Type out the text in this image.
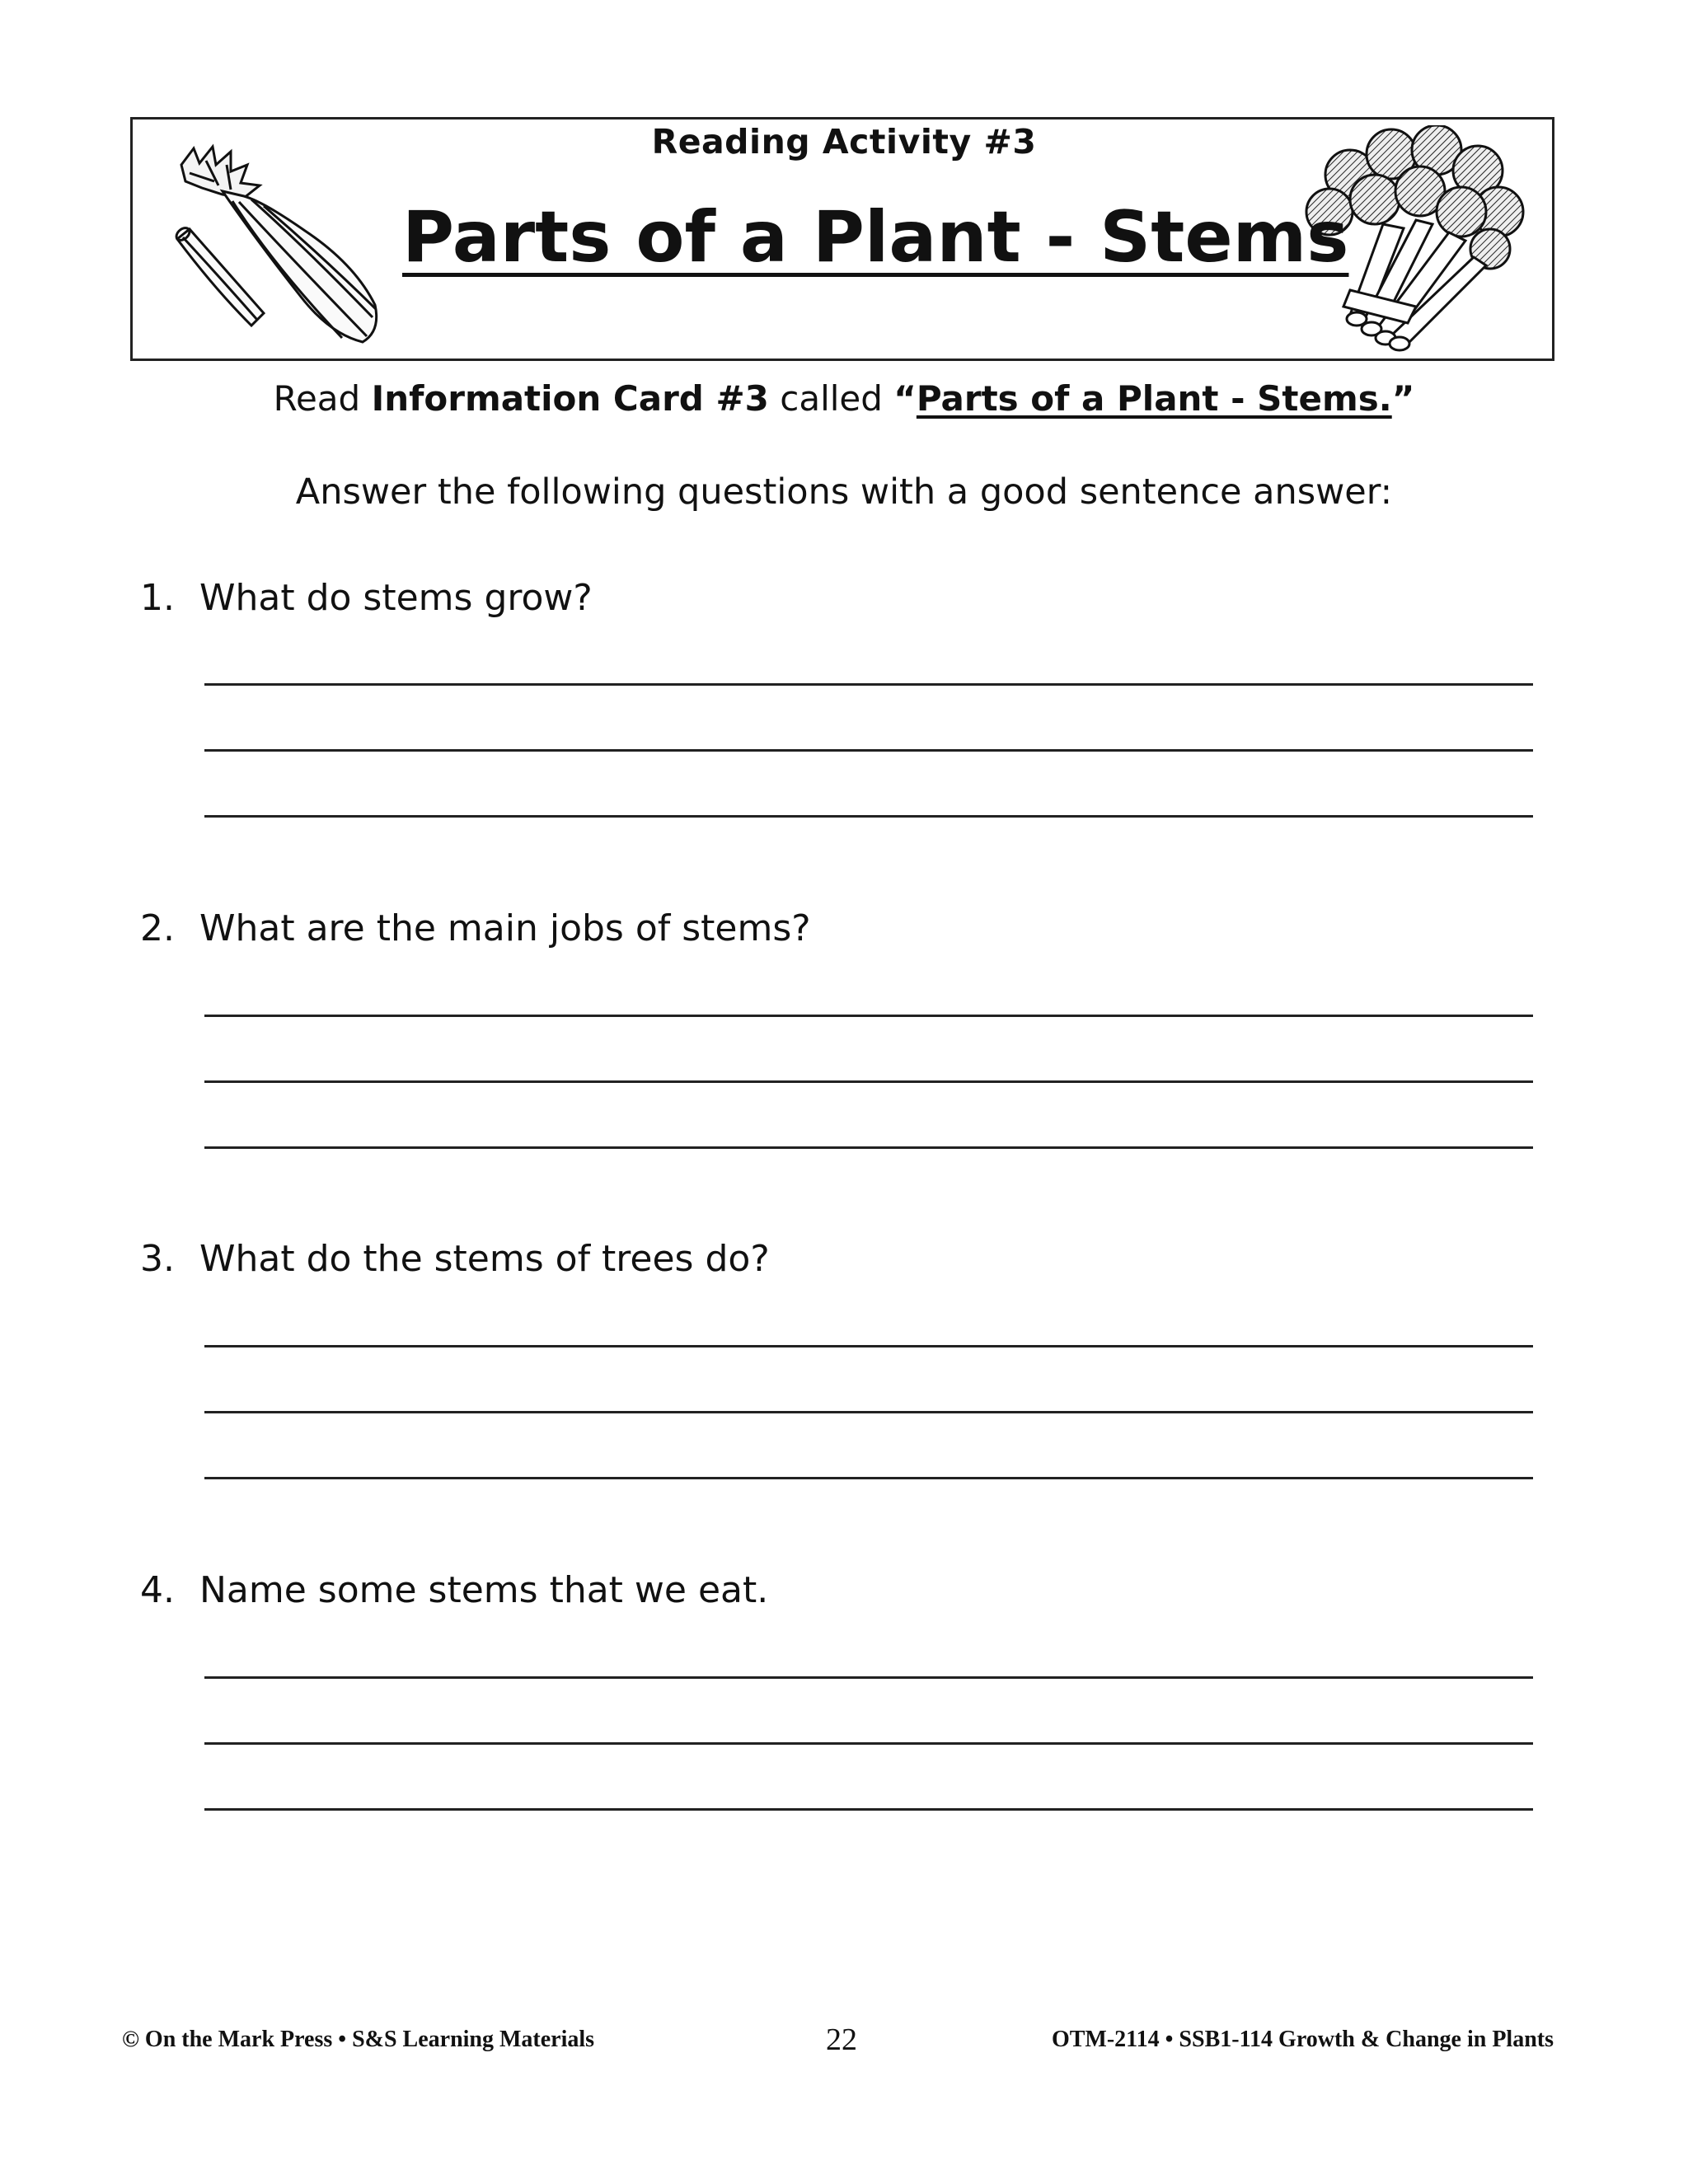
Reading Activity #3
Parts of a Plant - Stems
Read Information Card #3 called “Parts of a Plant - Stems.”
Answer the following questions with a good sentence answer:
1. What do stems grow?
2. What are the main jobs of stems?
3. What do the stems of trees do?
4. Name some stems that we eat.
© On the Mark Press • S&S Learning Materials	22	OTM-2114 • SSB1-114 Growth & Change in Plants
